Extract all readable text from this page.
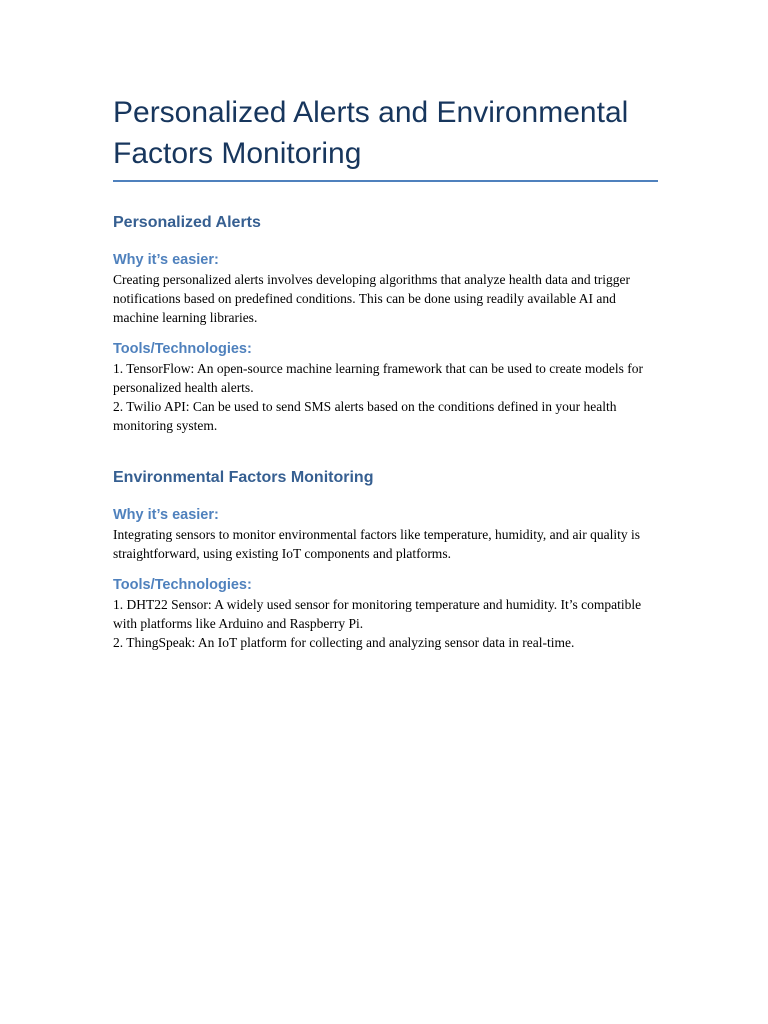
Personalized Alerts and Environmental Factors Monitoring
Personalized Alerts
Why it’s easier:

Creating personalized alerts involves developing algorithms that analyze health data and trigger notifications based on predefined conditions. This can be done using readily available AI and machine learning libraries.

Tools/Technologies:

1. TensorFlow: An open-source machine learning framework that can be used to create models for personalized health alerts.

2. Twilio API: Can be used to send SMS alerts based on the conditions defined in your health monitoring system.

Environmental Factors Monitoring
Why it’s easier:

Integrating sensors to monitor environmental factors like temperature, humidity, and air quality is straightforward, using existing IoT components and platforms.

Tools/Technologies:

1. DHT22 Sensor: A widely used sensor for monitoring temperature and humidity. It’s compatible with platforms like Arduino and Raspberry Pi.

2. ThingSpeak: An IoT platform for collecting and analyzing sensor data in real-time.
